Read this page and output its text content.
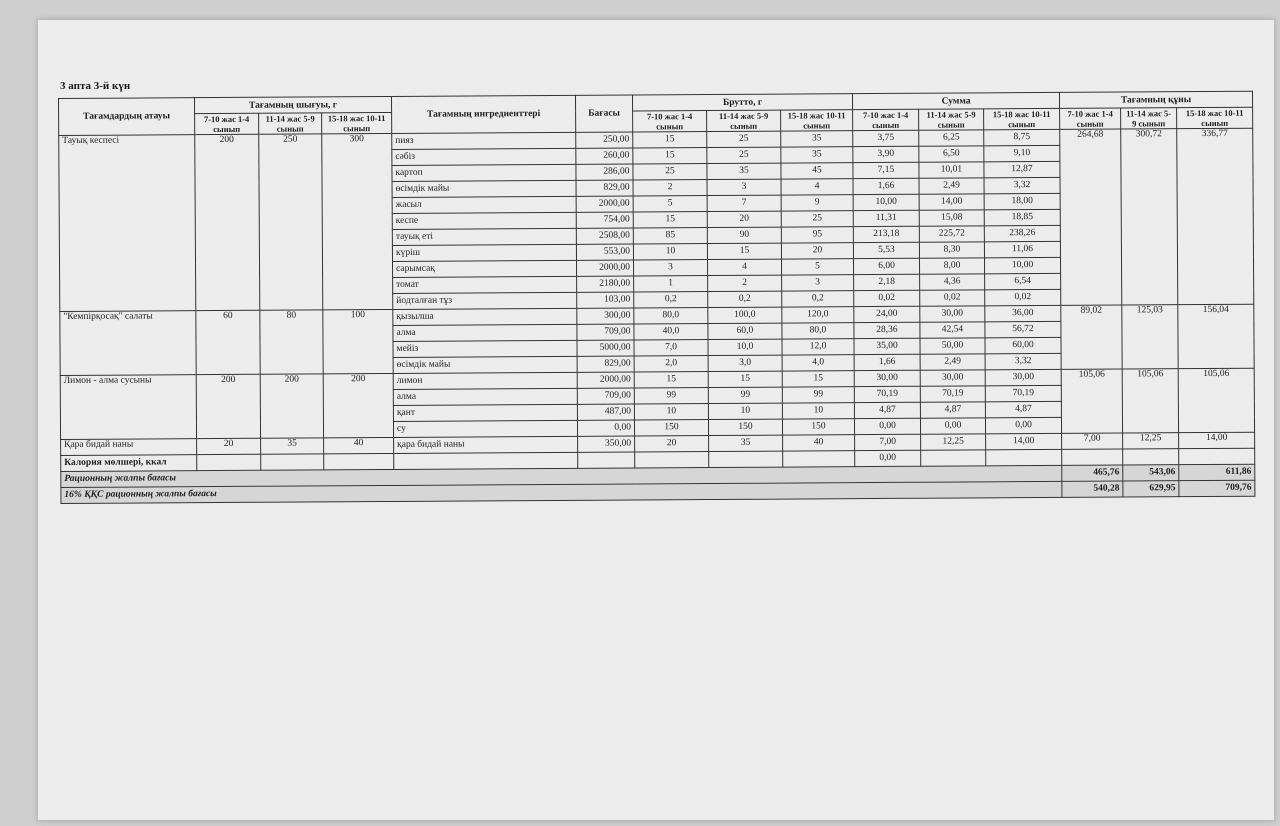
3 апта 3-й күн
Тағамдардың атауы	Тағамның шығуы, г			Тағамның ингредиенттері	Бағасы	Брутто, г			Сумма			Тағамның құны		
	7-10 жас 1-4 сынып	11-14 жас 5-9 сынып	15-18 жас 10-11 сынып			7-10 жас 1-4 сынып	11-14 жас 5-9 сынып	15-18 жас 10-11 сынып	7-10 жас 1-4 сынып	11-14 жас 5-9 сынып	15-18 жас 10-11 сынып	7-10 жас 1-4 сынып	11-14 жас 5-9 сынып	15-18 жас 10-11 сынып
Тауық кеспесі	200	250	300	пияз	250,00	15	25	35	3,75	6,25	8,75	264,68	300,72	336,77
				сәбіз	260,00	15	25	35	3,90	6,50	9,10			
				картоп	286,00	25	35	45	7,15	10,01	12,87			
				өсімдік майы	829,00	2	3	4	1,66	2,49	3,32			
				жасыл	2000,00	5	7	9	10,00	14,00	18,00			
				кеспе	754,00	15	20	25	11,31	15,08	18,85			
				тауық еті	2508,00	85	90	95	213,18	225,72	238,26			
				күріш	553,00	10	15	20	5,53	8,30	11,06			
				сарымсақ	2000,00	3	4	5	6,00	8,00	10,00			
				томат	2180,00	1	2	3	2,18	4,36	6,54			
				йодталған тұз	103,00	0,2	0,2	0,2	0,02	0,02	0,02			
"Кемпірқосақ" салаты	60	80	100	қызылша	300,00	80,0	100,0	120,0	24,00	30,00	36,00	89,02	125,03	156,04
				алма	709,00	40,0	60,0	80,0	28,36	42,54	56,72			
				мейіз	5000,00	7,0	10,0	12,0	35,00	50,00	60,00			
				өсімдік майы	829,00	2,0	3,0	4,0	1,66	2,49	3,32			
Лимон - алма сусыны	200	200	200	лимон	2000,00	15	15	15	30,00	30,00	30,00	105,06	105,06	105,06
				алма	709,00	99	99	99	70,19	70,19	70,19			
				қант	487,00	10	10	10	4,87	4,87	4,87			
				су	0,00	150	150	150	0,00	0,00	0,00			
Қара бидай наны	20	35	40	қара бидай наны	350,00	20	35	40	7,00	12,25	14,00	7,00	12,25	14,00
Калория мөлшері, ккал									0,00					
Рационның жалпы бағасы												465,76	543,06	611,86
16% ҚҚС рационның жалпы бағасы												540,28	629,95	709,76
